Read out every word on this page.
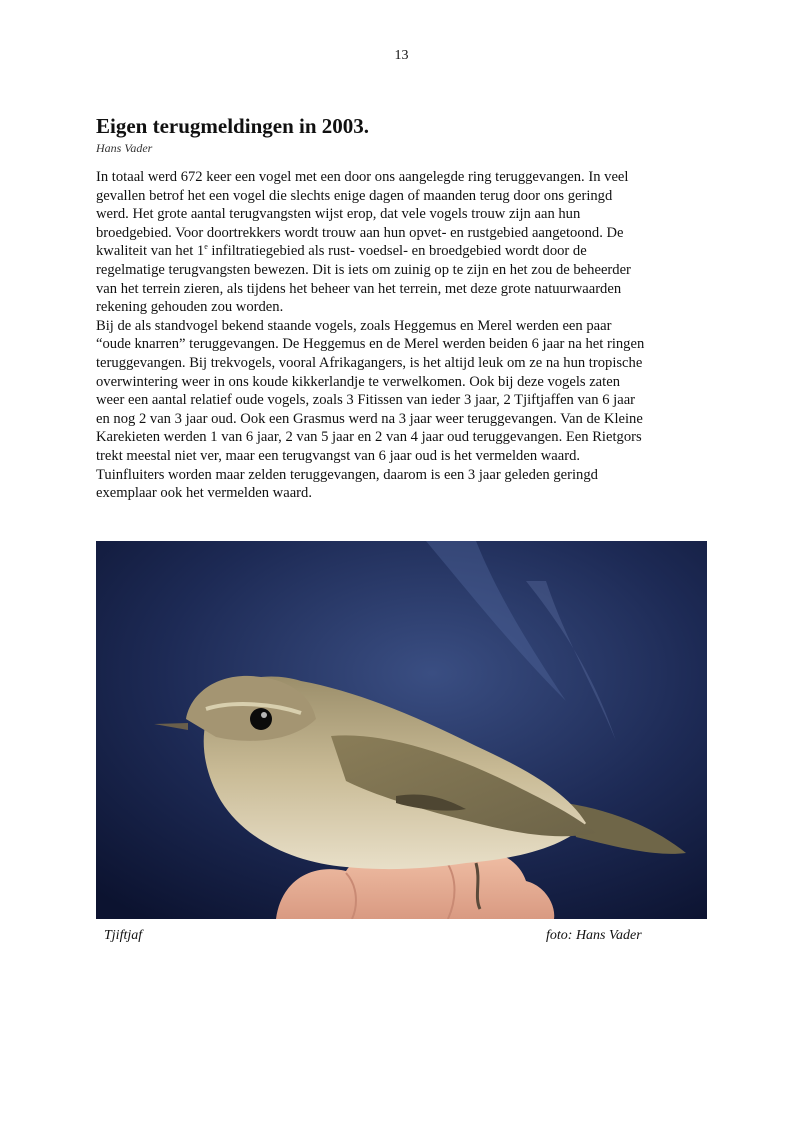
13
Eigen terugmeldingen in 2003.
Hans Vader
In totaal werd 672 keer een vogel met een door ons aangelegde ring teruggevangen. In veel
gevallen betrof het een vogel die slechts enige dagen of maanden terug door ons geringd
werd. Het grote aantal terugvangsten wijst erop, dat vele vogels trouw zijn aan hun
broedgebied. Voor doortrekkers wordt trouw aan hun opvet- en rustgebied aangetoond. De
kwaliteit van het 1e infiltratiegebied als rust- voedsel- en broedgebied wordt door de
regelmatige terugvangsten bewezen. Dit is iets om zuinig op te zijn en het zou de beheerder
van het terrein zieren, als tijdens het beheer van het terrein, met deze grote natuurwaarden
rekening gehouden zou worden.
Bij de als standvogel bekend staande vogels, zoals Heggemus en Merel werden een paar
“oude knarren” teruggevangen. De Heggemus en de Merel werden beiden 6 jaar na het ringen
teruggevangen. Bij trekvogels, vooral Afrikagangers, is het altijd leuk om ze na hun tropische
overwintering weer in ons koude kikkerlandje te verwelkomen. Ook bij deze vogels zaten
weer een aantal relatief oude vogels, zoals 3 Fitissen van ieder 3 jaar, 2 Tjiftjaffen van 6 jaar
en nog 2 van 3 jaar oud. Ook een Grasmus werd na 3 jaar weer teruggevangen. Van de Kleine
Karekieten werden 1 van 6 jaar, 2 van 5 jaar en 2 van 4 jaar oud teruggevangen. Een Rietgors
trekt meestal niet ver, maar een terugvangst van 6 jaar oud is het vermelden waard.
Tuinfluiters worden maar zelden teruggevangen, daarom is een 3 jaar geleden geringd
exemplaar ook het vermelden waard.
Tjiftjaf	foto: Hans Vader
